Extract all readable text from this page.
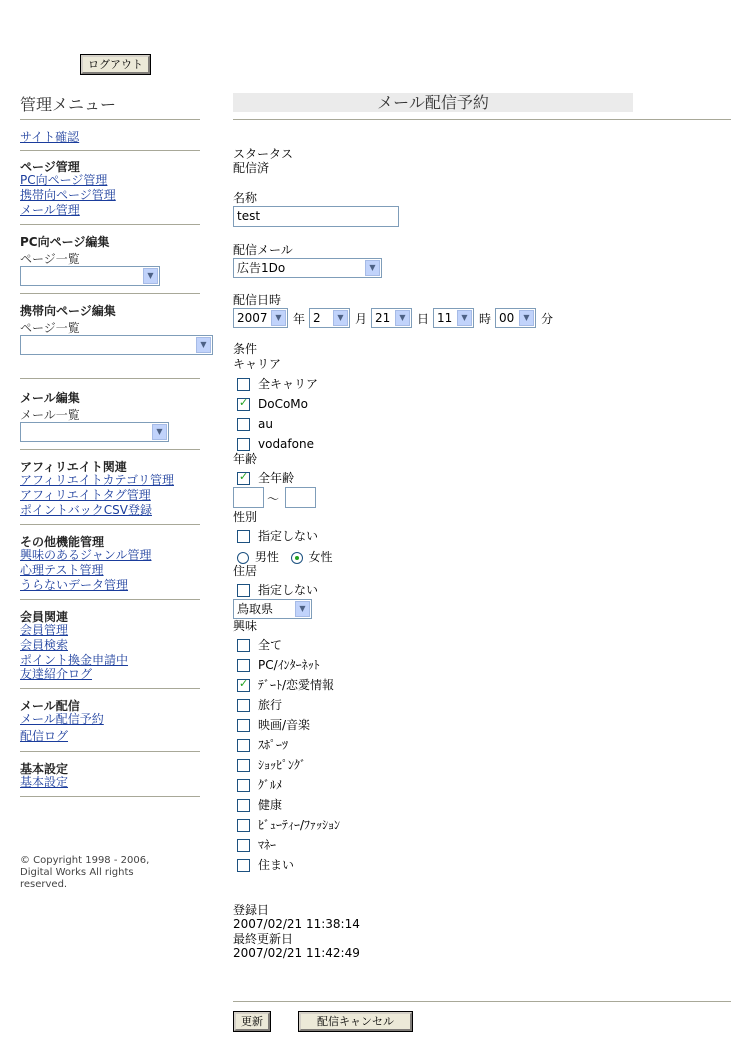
ログアウト
管理メニュー
サイト確認
ページ管理
PC向ページ管理
携帯向ページ管理
メール管理
PC向ページ編集
ページ一覧
▼
携帯向ページ編集
ページ一覧
▼
メール編集
メール一覧
▼
アフィリエイト関連
アフィリエイトカテゴリ管理
アフィリエイトタグ管理
ポイントバックCSV登録
その他機能管理
興味のあるジャンル管理
心理テスト管理
うらないデータ管理
会員関連
会員管理
会員検索
ポイント換金申請中
友達紹介ログ
メール配信
メール配信予約
配信ログ
基本設定
基本設定
© Copyright 1998 - 2006,
Digital Works All rights
reserved.
メール配信予約
スタータス
配信済
名称
test
配信メール
広告1Do	▼
配信日時
2007 ▼ 年 2	▼ 月 21	▼ 日 11	▼ 時 00	▼ 分
条件
キャリア
全キャリア
✓DoCoMo
au
vodafone
年齢
✓全年齢
～
性別
指定しない
男性 女性
住居
指定しない
鳥取県	▼
興味
全て
PC/ｲﾝﾀｰﾈｯﾄ
✓ﾃﾞｰﾄ/恋愛情報
旅行
映画/音楽
ｽﾎﾟｰﾂ
ｼｮｯﾋﾟﾝｸﾞ
ｸﾞﾙﾒ
健康
ﾋﾞｭｰﾃｨｰ/ﾌｧｯｼｮﾝ
ﾏﾈｰ
住まい
登録日
2007/02/21 11:38:14
最終更新日
2007/02/21 11:42:49
更新	配信キャンセル
